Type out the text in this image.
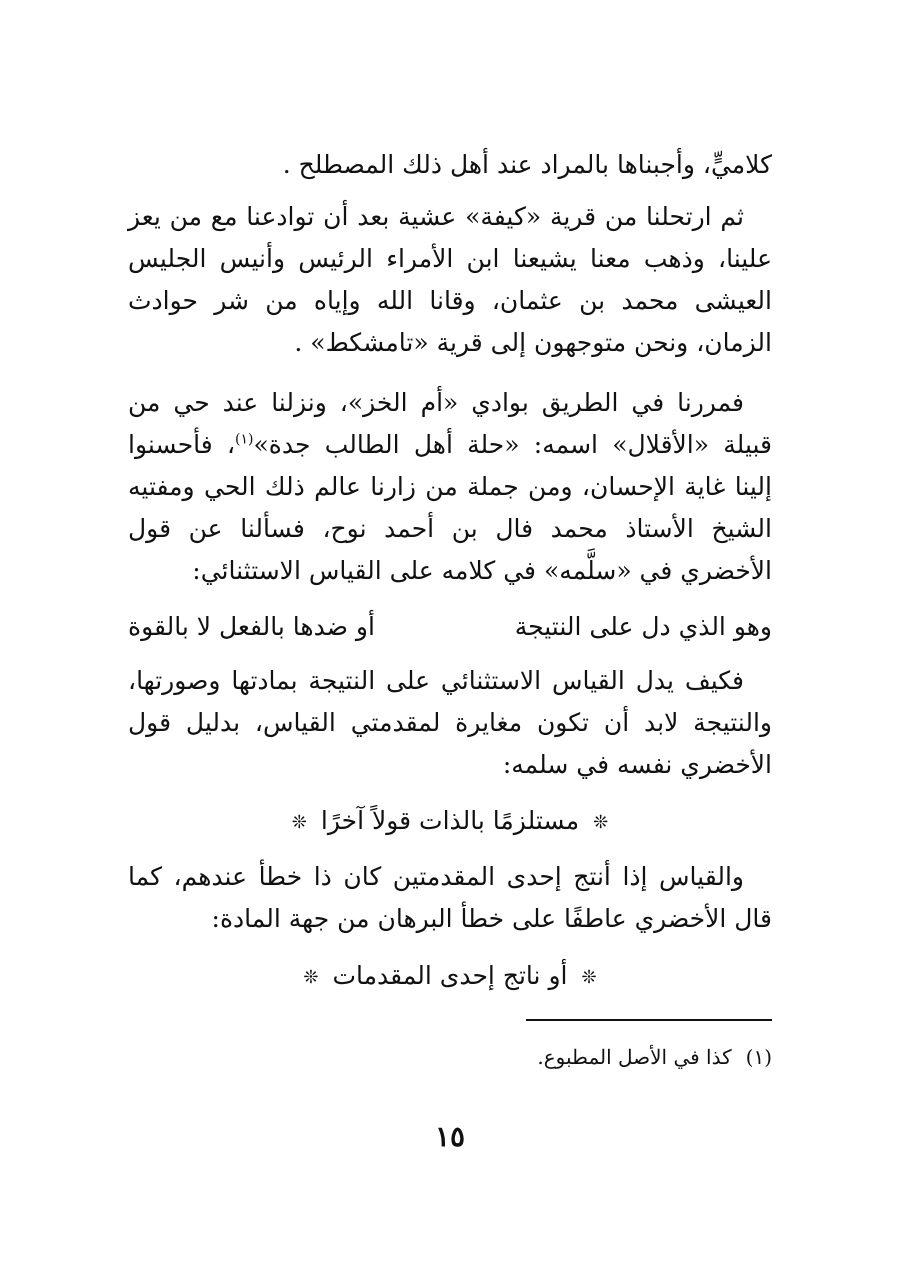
كلاميٍّ، وأجبناها بالمراد عند أهل ذلك المصطلح .
ثم ارتحلنا من قرية «كيفة» عشية بعد أن توادعنا مع من يعز علينا، وذهب معنا يشيعنا ابن الأمراء الرئيس وأنيس الجليس العيشى محمد بن عثمان، وقانا الله وإياه من شر حوادث الزمان، ونحن متوجهون إلى قرية «تامشكط» .
فمررنا في الطريق بوادي «أم الخز»، ونزلنا عند حي من قبيلة «الأقلال» اسمه: «حلة أهل الطالب جدة»$^{(١)}$، فأحسنوا إلينا غاية الإحسان، ومن جملة من زارنا عالم ذلك الحي ومفتيه الشيخ الأستاذ محمد فال بن أحمد نوح، فسألنا عن قول الأخضري في «سلَّمه» في كلامه على القياس الاستثنائي:
وهو الذي دل على النتيجة
أو ضدها بالفعل لا بالقوة
فكيف يدل القياس الاستثنائي على النتيجة بمادتها وصورتها، والنتيجة لابد أن تكون مغايرة لمقدمتي القياس، بدليل قول الأخضري نفسه في سلمه:
❊مستلزمًا بالذات قولاً آخرًا❊
والقياس إذا أنتج إحدى المقدمتين كان ذا خطأ عندهم، كما قال الأخضري عاطفًا على خطأ البرهان من جهة المادة:
❊أو ناتج إحدى المقدمات❊
(١)كذا في الأصل المطبوع.
١٥
